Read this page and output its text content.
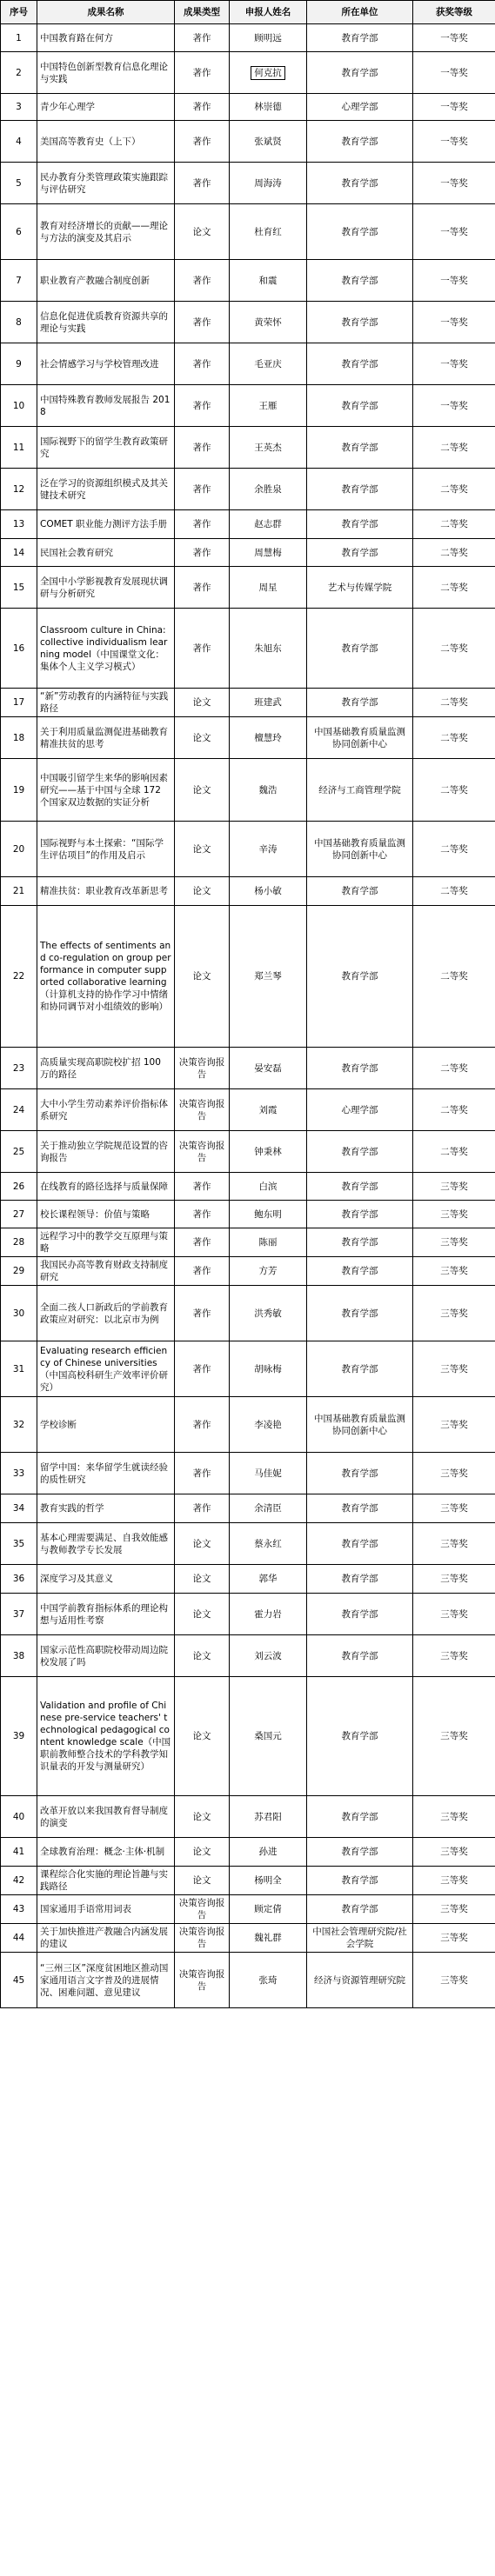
序号	成果名称	成果类型	申报人姓名	所在单位	获奖等级
1	中国教育路在何方	著作	顾明远	教育学部	一等奖
2	中国特色创新型教育信息化理论与实践	著作	何克抗	教育学部	一等奖
3	青少年心理学	著作	林崇德	心理学部	一等奖
4	美国高等教育史（上下）	著作	张斌贤	教育学部	一等奖
5	民办教育分类管理政策实施跟踪与评估研究	著作	周海涛	教育学部	一等奖
6	教育对经济增长的贡献——理论与方法的演变及其启示	论文	杜育红	教育学部	一等奖
7	职业教育产教融合制度创新	著作	和震	教育学部	一等奖
8	信息化促进优质教育资源共享的理论与实践	著作	黄荣怀	教育学部	一等奖
9	社会情感学习与学校管理改进	著作	毛亚庆	教育学部	一等奖
10	中国特殊教育教师发展报告 2018	著作	王雁	教育学部	一等奖
11	国际视野下的留学生教育政策研究	著作	王英杰	教育学部	二等奖
12	泛在学习的资源组织模式及其关键技术研究	著作	余胜泉	教育学部	二等奖
13	COMET 职业能力测评方法手册	著作	赵志群	教育学部	二等奖
14	民国社会教育研究	著作	周慧梅	教育学部	二等奖
15	全国中小学影视教育发展现状调研与分析研究	著作	周星	艺术与传媒学院	二等奖
16	Classroom culture in China: collective individualism learning model（中国课堂文化：集体个人主义学习模式）	著作	朱旭东	教育学部	二等奖
17	“新”劳动教育的内涵特征与实践路径	论文	班建武	教育学部	二等奖
18	关于利用质量监测促进基础教育精准扶贫的思考	论文	檀慧玲	中国基础教育质量监测协同创新中心	二等奖
19	中国吸引留学生来华的影响因素研究——基于中国与全球 172 个国家双边数据的实证分析	论文	魏浩	经济与工商管理学院	二等奖
20	国际视野与本土探索：“国际学生评估项目”的作用及启示	论文	辛涛	中国基础教育质量监测协同创新中心	二等奖
21	精准扶贫：职业教育改革新思考	论文	杨小敏	教育学部	二等奖
22	The effects of sentiments and co-regulation on group performance in computer supported collaborative learning（计算机支持的协作学习中情绪和协同调节对小组绩效的影响）	论文	郑兰琴	教育学部	二等奖
23	高质量实现高职院校扩招 100 万的路径	决策咨询报告	晏安磊	教育学部	二等奖
24	大中小学生劳动素养评价指标体系研究	决策咨询报告	刘霞	心理学部	二等奖
25	关于推动独立学院规范设置的咨询报告	决策咨询报告	钟秉林	教育学部	二等奖
26	在线教育的路径选择与质量保障	著作	白滨	教育学部	三等奖
27	校长课程领导：价值与策略	著作	鲍东明	教育学部	三等奖
28	远程学习中的教学交互原理与策略	著作	陈丽	教育学部	三等奖
29	我国民办高等教育财政支持制度研究	著作	方芳	教育学部	三等奖
30	全面二孩人口新政后的学前教育政策应对研究：以北京市为例	著作	洪秀敏	教育学部	三等奖
31	Evaluating research efficiency of Chinese universities（中国高校科研生产效率评价研究）	著作	胡咏梅	教育学部	三等奖
32	学校诊断	著作	李凌艳	中国基础教育质量监测协同创新中心	三等奖
33	留学中国：来华留学生就读经验的质性研究	著作	马佳妮	教育学部	三等奖
34	教育实践的哲学	著作	余清臣	教育学部	三等奖
35	基本心理需要满足、自我效能感与教师教学专长发展	论文	蔡永红	教育学部	三等奖
36	深度学习及其意义	论文	郭华	教育学部	三等奖
37	中国学前教育指标体系的理论构想与适用性考察	论文	霍力岩	教育学部	三等奖
38	国家示范性高职院校带动周边院校发展了吗	论文	刘云波	教育学部	三等奖
39	Validation and profile of Chinese pre-service teachers' technological pedagogical content knowledge scale（中国职前教师整合技术的学科教学知识量表的开发与测量研究）	论文	桑国元	教育学部	三等奖
40	改革开放以来我国教育督导制度的演变	论文	苏君阳	教育学部	三等奖
41	全球教育治理：概念·主体·机制	论文	孙进	教育学部	三等奖
42	课程综合化实施的理论旨趣与实践路径	论文	杨明全	教育学部	三等奖
43	国家通用手语常用词表	决策咨询报告	顾定倩	教育学部	三等奖
44	关于加快推进产教融合内涵发展的建议	决策咨询报告	魏礼群	中国社会管理研究院/社会学院	三等奖
45	“三州三区”深度贫困地区推动国家通用语言文字普及的进展情况、困难问题、意见建议	决策咨询报告	张琦	经济与资源管理研究院	三等奖
